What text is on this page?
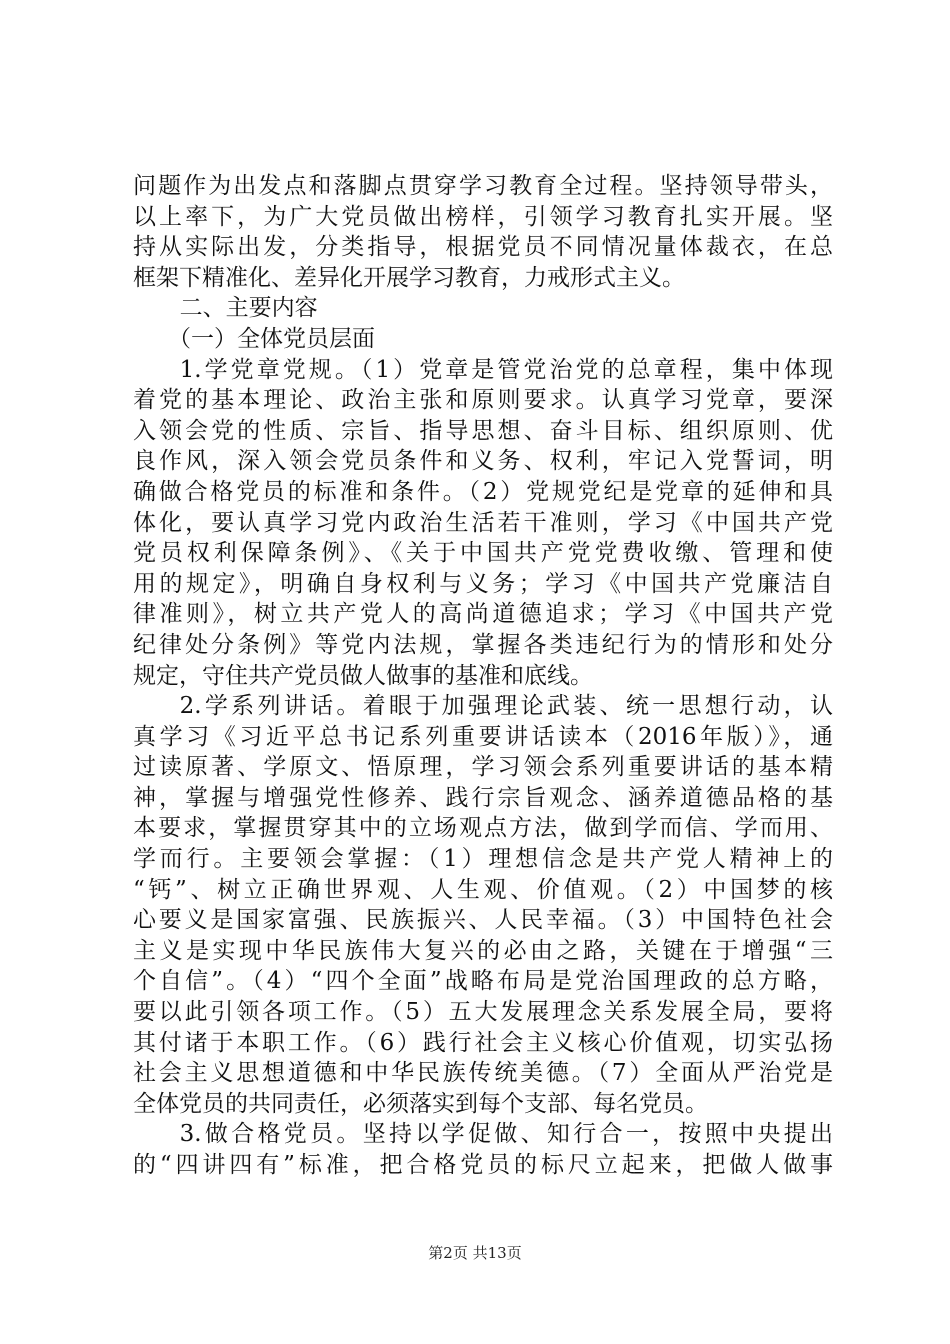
问题作为出发点和落脚点贯穿学习教育全过程。坚持领导带头，
以上率下，为广大党员做出榜样，引领学习教育扎实开展。坚
持从实际出发，分类指导，根据党员不同情况量体裁衣，在总
框架下精准化、差异化开展学习教育，力戒形式主义。
二、主要内容
（一）全体党员层面
1.学党章党规。（1）党章是管党治党的总章程，集中体现
着党的基本理论、政治主张和原则要求。认真学习党章，要深
入领会党的性质、宗旨、指导思想、奋斗目标、组织原则、优
良作风，深入领会党员条件和义务、权利，牢记入党誓词，明
确做合格党员的标准和条件。（2）党规党纪是党章的延伸和具
体化，要认真学习党内政治生活若干准则，学习《中国共产党
党员权利保障条例》、《关于中国共产党党费收缴、管理和使
用的规定》，明确自身权利与义务；学习《中国共产党廉洁自
律准则》，树立共产党人的高尚道德追求；学习《中国共产党
纪律处分条例》等党内法规，掌握各类违纪行为的情形和处分
规定，守住共产党员做人做事的基准和底线。
2.学系列讲话。着眼于加强理论武装、统一思想行动，认
真学习《习近平总书记系列重要讲话读本（2016年版）》，通
过读原著、学原文、悟原理，学习领会系列重要讲话的基本精
神，掌握与增强党性修养、践行宗旨观念、涵养道德品格的基
本要求，掌握贯穿其中的立场观点方法，做到学而信、学而用、
学而行。主要领会掌握：（1）理想信念是共产党人精神上的
“钙”、树立正确世界观、人生观、价值观。（2）中国梦的核
心要义是国家富强、民族振兴、人民幸福。（3）中国特色社会
主义是实现中华民族伟大复兴的必由之路，关键在于增强“三
个自信”。（4）“四个全面”战略布局是党治国理政的总方略，
要以此引领各项工作。（5）五大发展理念关系发展全局，要将
其付诸于本职工作。（6）践行社会主义核心价值观，切实弘扬
社会主义思想道德和中华民族传统美德。（7）全面从严治党是
全体党员的共同责任，必须落实到每个支部、每名党员。
3.做合格党员。坚持以学促做、知行合一，按照中央提出
的“四讲四有”标准，把合格党员的标尺立起来，把做人做事
第2页 共13页
